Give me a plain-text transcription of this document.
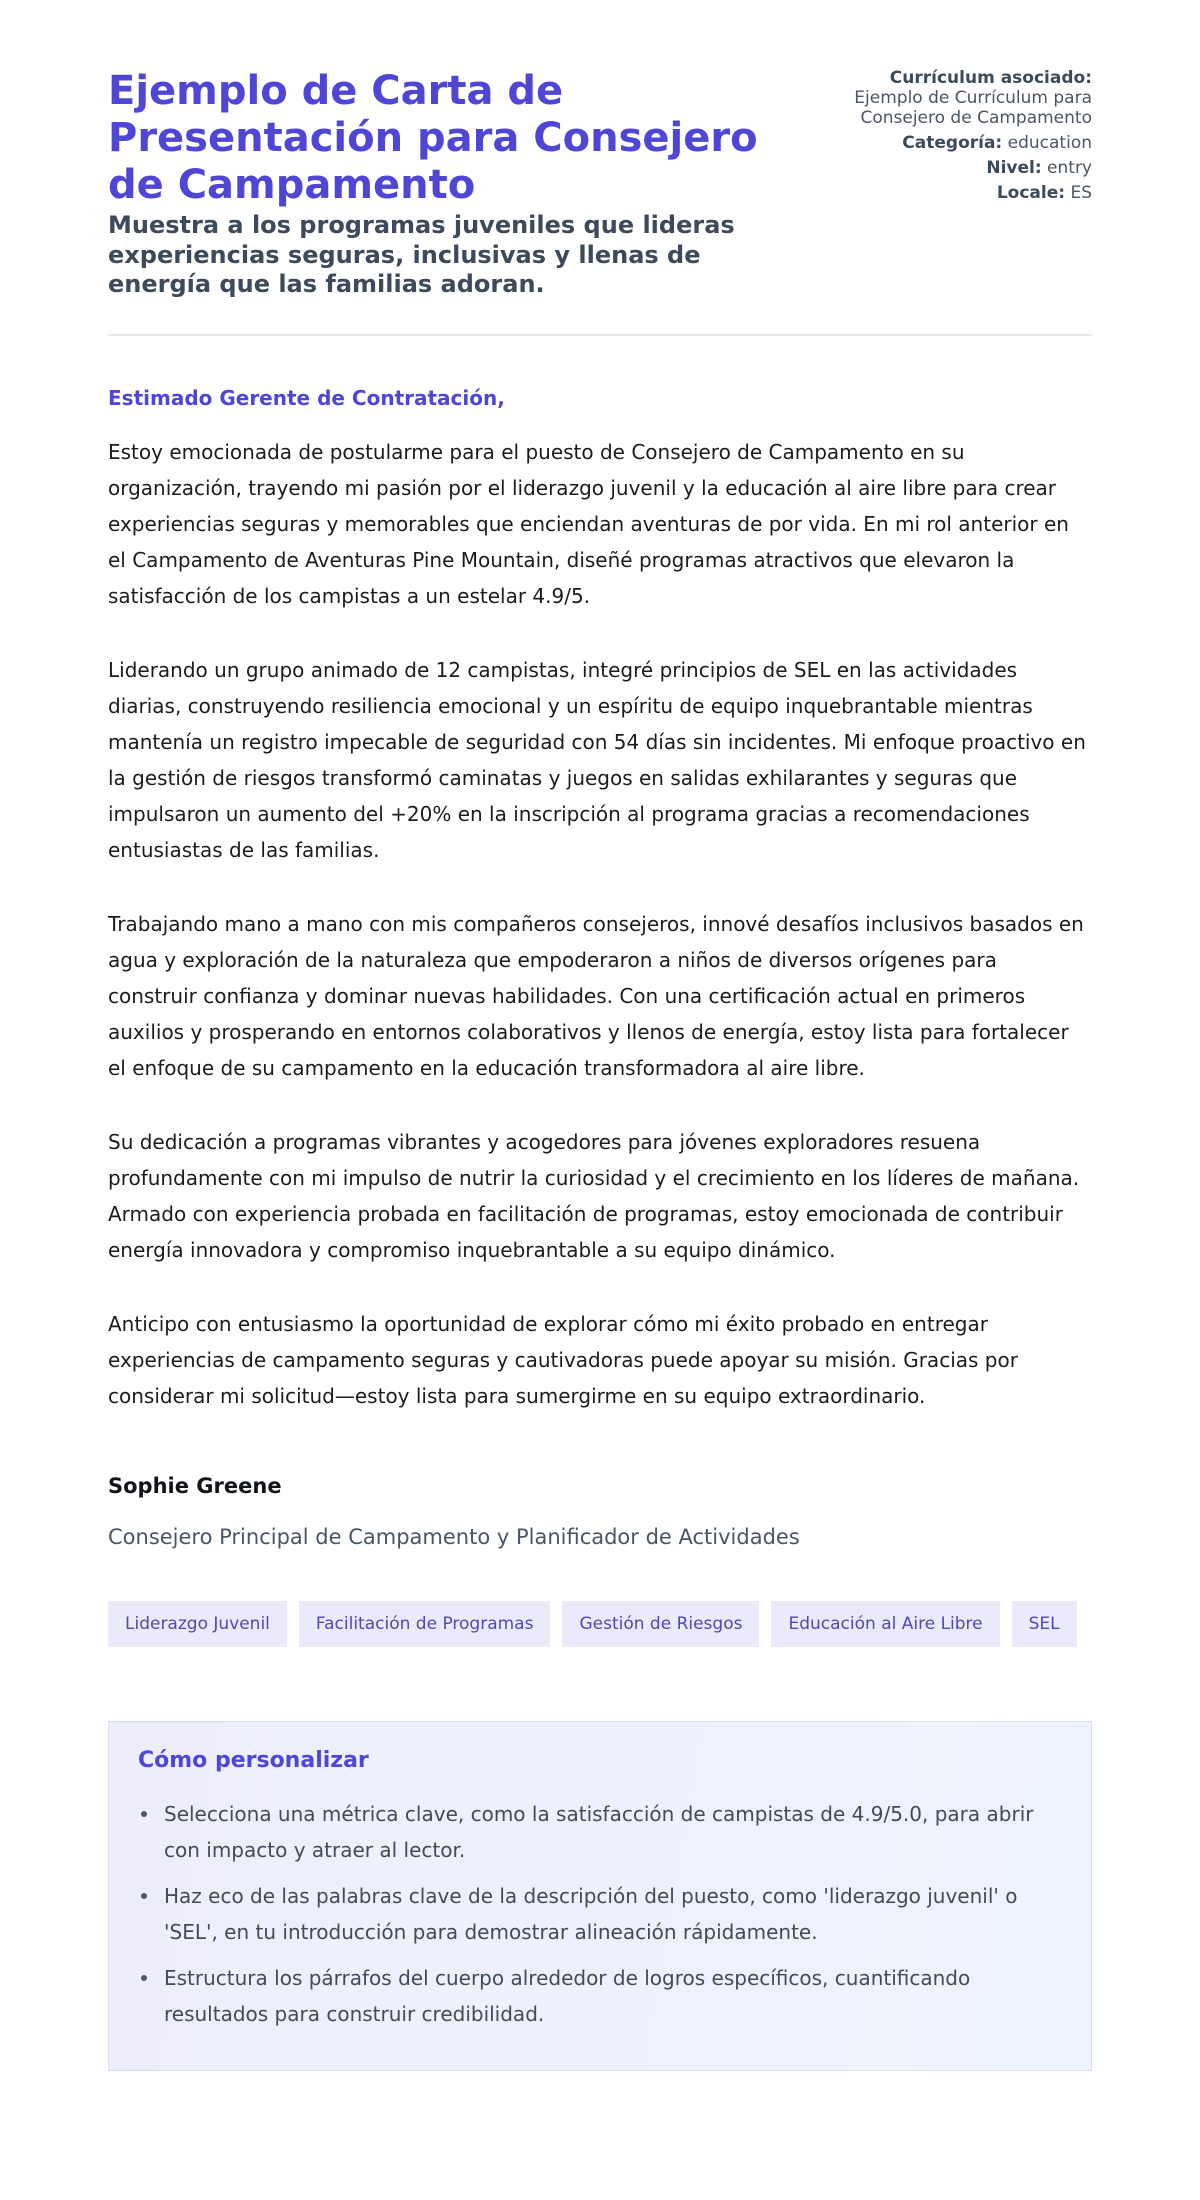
Ejemplo de Carta de Presentación para Consejero de Campamento
Muestra a los programas juveniles que lideras experiencias seguras, inclusivas y llenas de energía que las familias adoran.
Currículum asociado:
Ejemplo de Currículum para Consejero de Campamento
Categoría: education
Nivel: entry
Locale: ES

Estimado Gerente de Contratación,

Estoy emocionada de postularme para el puesto de Consejero de Campamento en su organización, trayendo mi pasión por el liderazgo juvenil y la educación al aire libre para crear experiencias seguras y memorables que enciendan aventuras de por vida. En mi rol anterior en el Campamento de Aventuras Pine Mountain, diseñé programas atractivos que elevaron la satisfacción de los campistas a un estelar 4.9/5.

Liderando un grupo animado de 12 campistas, integré principios de SEL en las actividades diarias, construyendo resiliencia emocional y un espíritu de equipo inquebrantable mientras mantenía un registro impecable de seguridad con 54 días sin incidentes. Mi enfoque proactivo en la gestión de riesgos transformó caminatas y juegos en salidas exhilarantes y seguras que impulsaron un aumento del +20% en la inscripción al programa gracias a recomendaciones entusiastas de las familias.

Trabajando mano a mano con mis compañeros consejeros, innové desafíos inclusivos basados en agua y exploración de la naturaleza que empoderaron a niños de diversos orígenes para construir confianza y dominar nuevas habilidades. Con una certificación actual en primeros auxilios y prosperando en entornos colaborativos y llenos de energía, estoy lista para fortalecer el enfoque de su campamento en la educación transformadora al aire libre.

Su dedicación a programas vibrantes y acogedores para jóvenes exploradores resuena profundamente con mi impulso de nutrir la curiosidad y el crecimiento en los líderes de mañana. Armado con experiencia probada en facilitación de programas, estoy emocionada de contribuir energía innovadora y compromiso inquebrantable a su equipo dinámico.

Anticipo con entusiasmo la oportunidad de explorar cómo mi éxito probado en entregar experiencias de campamento seguras y cautivadoras puede apoyar su misión. Gracias por considerar mi solicitud—estoy lista para sumergirme en su equipo extraordinario.

Sophie Greene
Consejero Principal de Campamento y Planificador de Actividades
Liderazgo Juvenil	Facilitación de Programas	Gestión de Riesgos	Educación al Aire Libre	SEL
Cómo personalizar
Selecciona una métrica clave, como la satisfacción de campistas de 4.9/5.0, para abrir con impacto y atraer al lector.
Haz eco de las palabras clave de la descripción del puesto, como 'liderazgo juvenil' o 'SEL', en tu introducción para demostrar alineación rápidamente.
Estructura los párrafos del cuerpo alrededor de logros específicos, cuantificando resultados para construir credibilidad.
